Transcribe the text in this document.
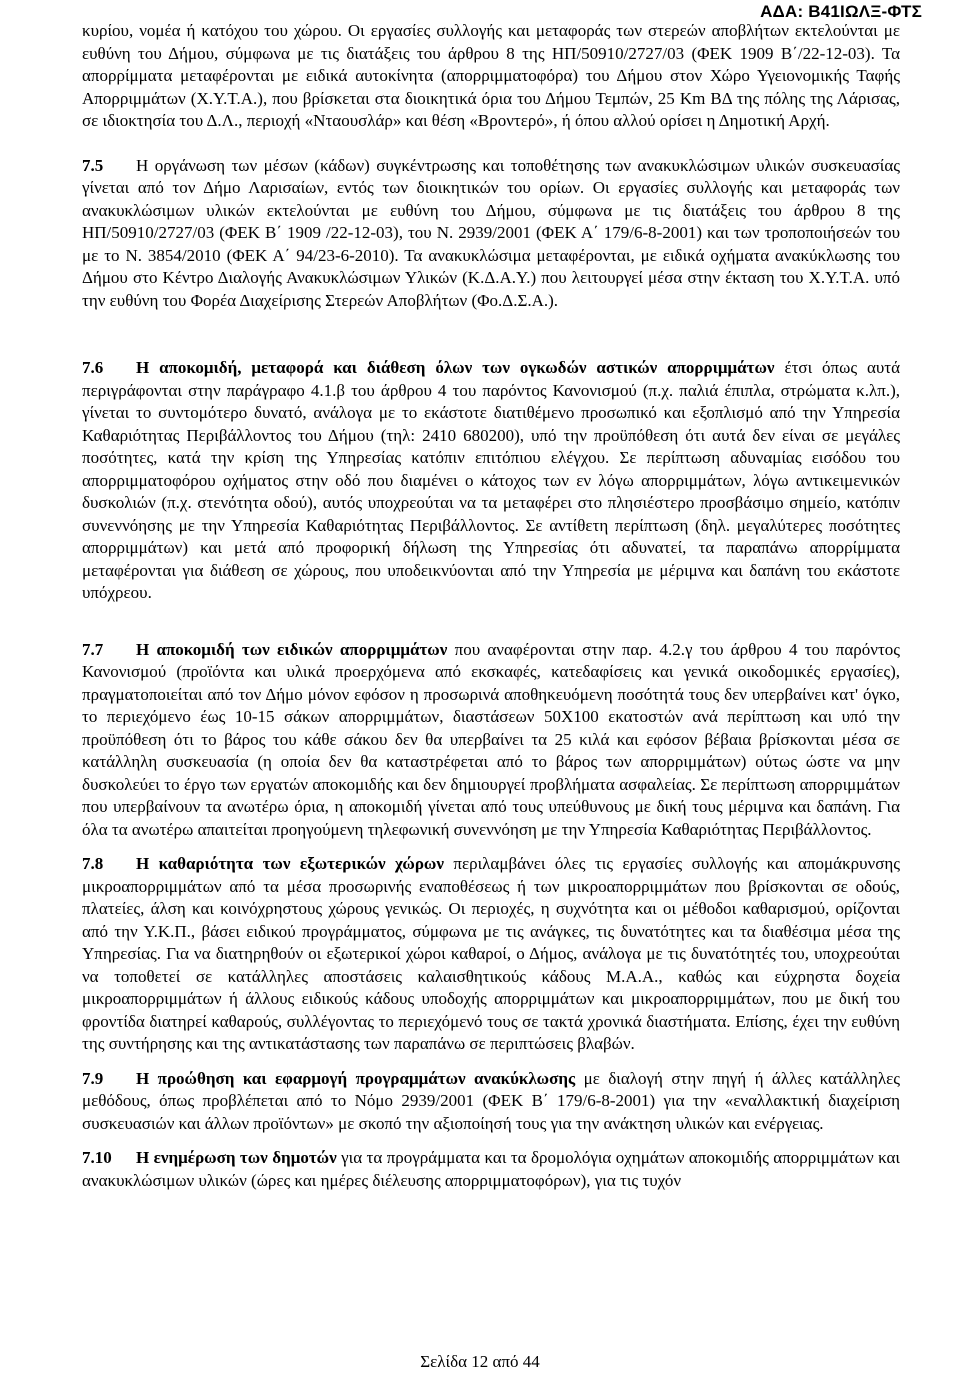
ΑΔΑ: Β41ΙΩΛΞ-ΦΤΣ

κυρίου, νομέα ή κατόχου του χώρου. Οι εργασίες συλλογής και μεταφοράς των στερεών αποβλήτων εκτελούνται με ευθύνη του Δήμου, σύμφωνα με τις διατάξεις του άρθρου 8 της ΗΠ/50910/2727/03 (ΦΕΚ 1909 Β΄/22-12-03). Τα απορρίμματα μεταφέρονται με ειδικά αυτοκίνητα (απορριμματοφόρα) του Δήμου στον Χώρο Υγειονομικής Ταφής Απορριμμάτων (Χ.Υ.Τ.Α.), που βρίσκεται στα διοικητικά όρια του Δήμου Τεμπών, 25 Km ΒΔ της πόλης της Λάρισας, σε ιδιοκτησία του Δ.Λ., περιοχή «Νταουσλάρ» και θέση «Βροντερό», ή όπου αλλού ορίσει η Δημοτική Αρχή.

7.5 Η οργάνωση των μέσων (κάδων) συγκέντρωσης και τοποθέτησης των ανακυκλώσιμων υλικών συσκευασίας γίνεται από τον Δήμο Λαρισαίων, εντός των διοικητικών του ορίων. Οι εργασίες συλλογής και μεταφοράς των ανακυκλώσιμων υλικών εκτελούνται με ευθύνη του Δήμου, σύμφωνα με τις διατάξεις του άρθρου 8 της ΗΠ/50910/2727/03 (ΦΕΚ Β΄ 1909 /22-12-03), του Ν. 2939/2001 (ΦΕΚ Α΄ 179/6-8-2001) και των τροποποιήσεών του με το Ν. 3854/2010 (ΦΕΚ Α΄ 94/23-6-2010). Τα ανακυκλώσιμα μεταφέρονται, με ειδικά οχήματα ανακύκλωσης του Δήμου στο Κέντρο Διαλογής Ανακυκλώσιμων Υλικών (Κ.Δ.Α.Υ.) που λειτουργεί μέσα στην έκταση του Χ.Υ.Τ.Α. υπό την ευθύνη του Φορέα Διαχείρισης Στερεών Αποβλήτων (Φο.Δ.Σ.Α.).

7.6 Η αποκομιδή, μεταφορά και διάθεση όλων των ογκωδών αστικών απορριμμάτων έτσι όπως αυτά περιγράφονται στην παράγραφο 4.1.β του άρθρου 4 του παρόντος Κανονισμού (π.χ. παλιά έπιπλα, στρώματα κ.λπ.), γίνεται το συντομότερο δυνατό, ανάλογα με το εκάστοτε διατιθέμενο προσωπικό και εξοπλισμό από την Υπηρεσία Καθαριότητας Περιβάλλοντος του Δήμου (τηλ: 2410 680200), υπό την προϋπόθεση ότι αυτά δεν είναι σε μεγάλες ποσότητες, κατά την κρίση της Υπηρεσίας κατόπιν επιτόπιου ελέγχου. Σε περίπτωση αδυναμίας εισόδου του απορριμματοφόρου οχήματος στην οδό που διαμένει ο κάτοχος των εν λόγω απορριμμάτων, λόγω αντικειμενικών δυσκολιών (π.χ. στενότητα οδού), αυτός υποχρεούται να τα μεταφέρει στο πλησιέστερο προσβάσιμο σημείο, κατόπιν συνεννόησης με την Υπηρεσία Καθαριότητας Περιβάλλοντος. Σε αντίθετη περίπτωση (δηλ. μεγαλύτερες ποσότητες απορριμμάτων) και μετά από προφορική δήλωση της Υπηρεσίας ότι αδυνατεί, τα παραπάνω απορρίμματα μεταφέρονται για διάθεση σε χώρους, που υποδεικνύονται από την Υπηρεσία με μέριμνα και δαπάνη του εκάστοτε υπόχρεου.

7.7 Η αποκομιδή των ειδικών απορριμμάτων που αναφέρονται στην παρ. 4.2.γ του άρθρου 4 του παρόντος Κανονισμού (προϊόντα και υλικά προερχόμενα από εκσκαφές, κατεδαφίσεις και γενικά οικοδομικές εργασίες), πραγματοποιείται από τον Δήμο μόνον εφόσον η προσωρινά αποθηκευόμενη ποσότητά τους δεν υπερβαίνει κατ' όγκο, το περιεχόμενο έως 10-15 σάκων απορριμμάτων, διαστάσεων 50Χ100 εκατοστών ανά περίπτωση και υπό την προϋπόθεση ότι το βάρος του κάθε σάκου δεν θα υπερβαίνει τα 25 κιλά και εφόσον βέβαια βρίσκονται μέσα σε κατάλληλη συσκευασία (η οποία δεν θα καταστρέφεται από το βάρος των απορριμμάτων) ούτως ώστε να μην δυσκολεύει το έργο των εργατών αποκομιδής και δεν δημιουργεί προβλήματα ασφαλείας. Σε περίπτωση απορριμμάτων που υπερβαίνουν τα ανωτέρω όρια, η αποκομιδή γίνεται από τους υπεύθυνους με δική τους μέριμνα και δαπάνη. Για όλα τα ανωτέρω απαιτείται προηγούμενη τηλεφωνική συνεννόηση με την Υπηρεσία Καθαριότητας Περιβάλλοντος.

7.8 Η καθαριότητα των εξωτερικών χώρων περιλαμβάνει όλες τις εργασίες συλλογής και απομάκρυνσης μικροαπορριμμάτων από τα μέσα προσωρινής εναποθέσεως ή των μικροαπορριμμάτων που βρίσκονται σε οδούς, πλατείες, άλση και κοινόχρηστους χώρους γενικώς. Οι περιοχές, η συχνότητα και οι μέθοδοι καθαρισμού, ορίζονται από την Υ.Κ.Π., βάσει ειδικού προγράμματος, σύμφωνα με τις ανάγκες, τις δυνατότητες και τα διαθέσιμα μέσα της Υπηρεσίας. Για να διατηρηθούν οι εξωτερικοί χώροι καθαροί, ο Δήμος, ανάλογα με τις δυνατότητές του, υποχρεούται να τοποθετεί σε κατάλληλες αποστάσεις καλαισθητικούς κάδους Μ.Α.Α., καθώς και εύχρηστα δοχεία μικροαπορριμμάτων ή άλλους ειδικούς κάδους υποδοχής απορριμμάτων και μικροαπορριμμάτων, που με δική του φροντίδα διατηρεί καθαρούς, συλλέγοντας το περιεχόμενό τους σε τακτά χρονικά διαστήματα. Επίσης, έχει την ευθύνη της συντήρησης και της αντικατάστασης των παραπάνω σε περιπτώσεις βλαβών.

7.9 Η προώθηση και εφαρμογή προγραμμάτων ανακύκλωσης με διαλογή στην πηγή ή άλλες κατάλληλες μεθόδους, όπως προβλέπεται από το Νόμο 2939/2001 (ΦΕΚ Β΄ 179/6-8-2001) για την «εναλλακτική διαχείριση συσκευασιών και άλλων προϊόντων» με σκοπό την αξιοποίησή τους για την ανάκτηση υλικών και ενέργειας.

7.10 Η ενημέρωση των δημοτών για τα προγράμματα και τα δρομολόγια οχημάτων αποκομιδής απορριμμάτων και ανακυκλώσιμων υλικών (ώρες και ημέρες διέλευσης απορριμματοφόρων), για τις τυχόν

Σελίδα 12 από 44
